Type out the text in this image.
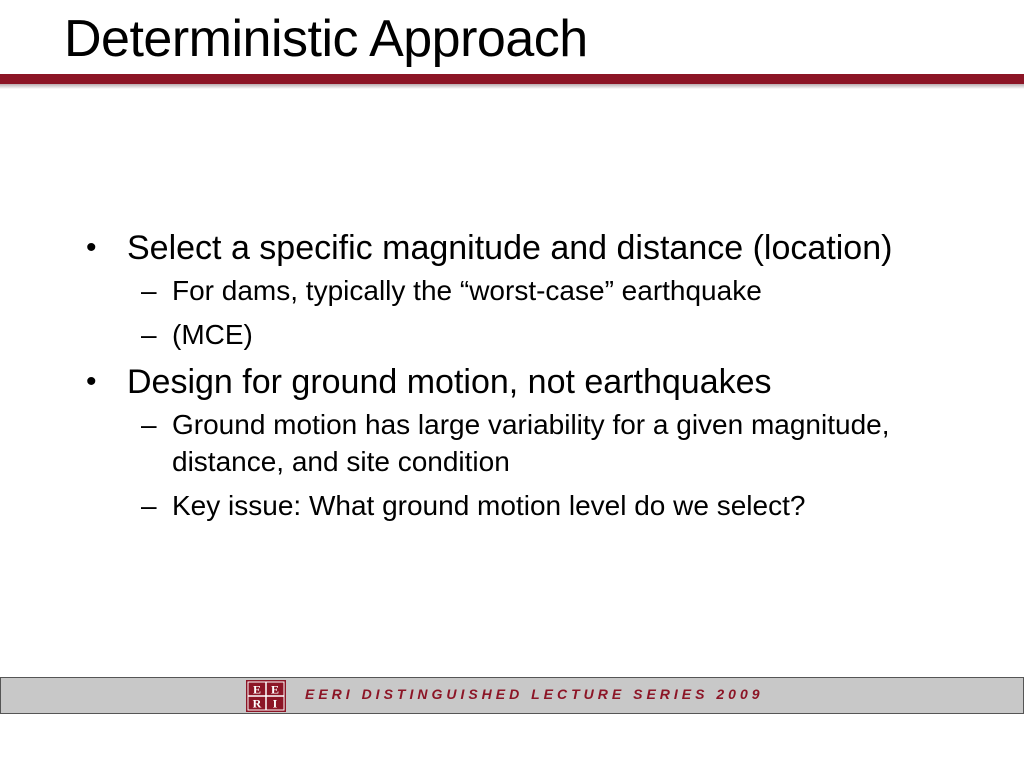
Deterministic Approach
• Select a specific magnitude and distance (location)
– For dams, typically the “worst-case” earthquake
– (MCE)
• Design for ground motion, not earthquakes
– Ground motion has large variability for a given magnitude, distance, and site condition
– Key issue: What ground motion level do we select?
E E
R I
EERI DISTINGUISHED LECTURE SERIES 2009
